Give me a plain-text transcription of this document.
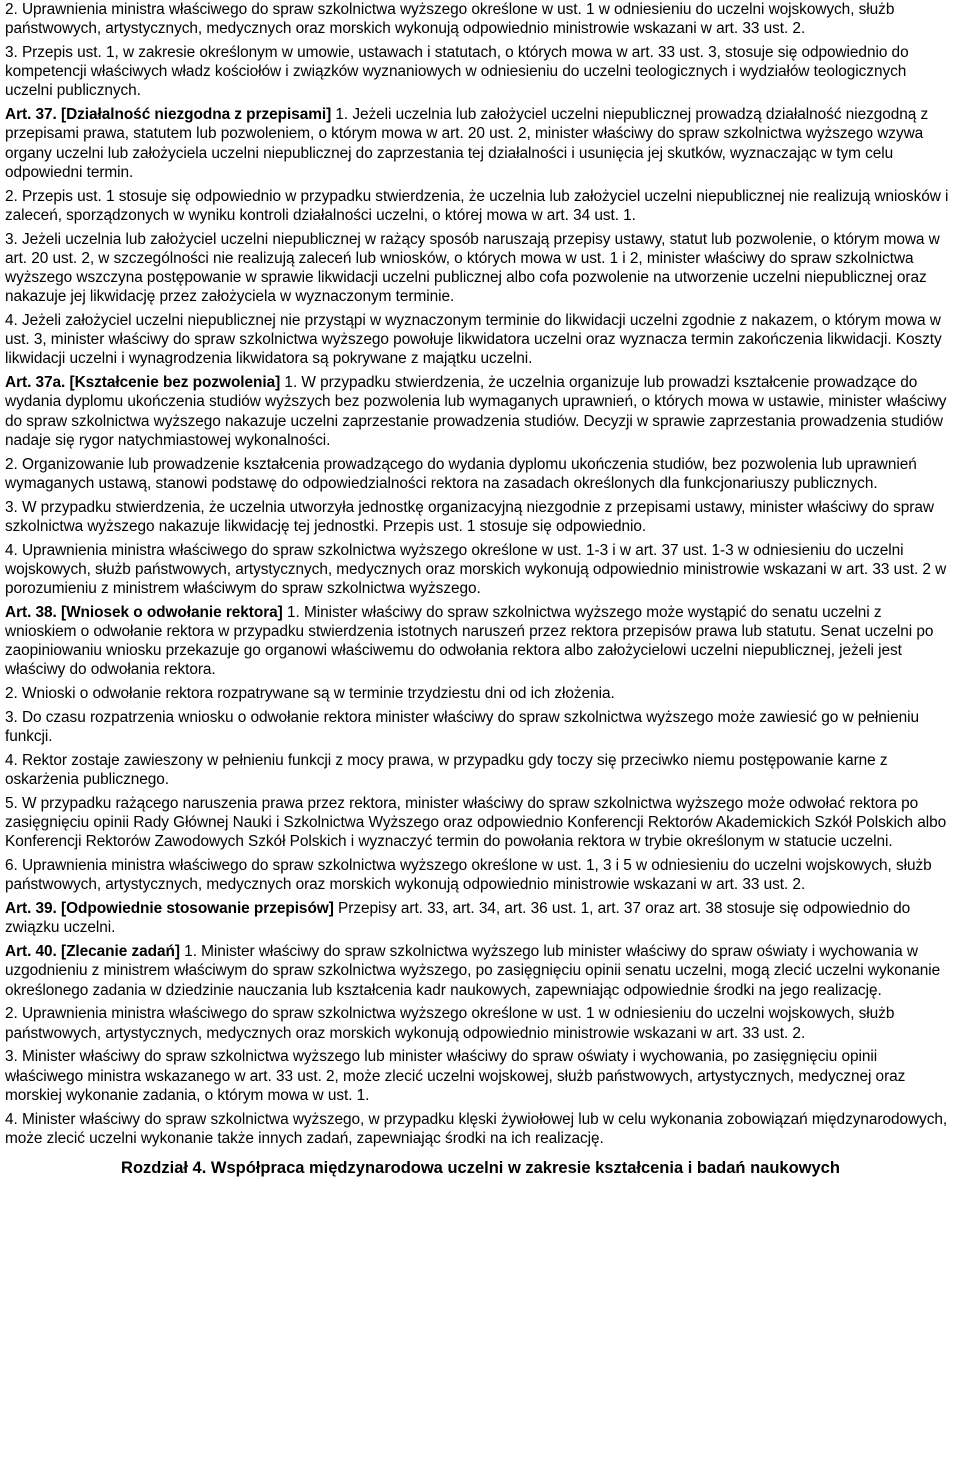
2. Uprawnienia ministra właściwego do spraw szkolnictwa wyższego określone w ust. 1 w odniesieniu do uczelni wojskowych, służb państwowych, artystycznych, medycznych oraz morskich wykonują odpowiednio ministrowie wskazani w art. 33 ust. 2.

3. Przepis ust. 1, w zakresie określonym w umowie, ustawach i statutach, o których mowa w art. 33 ust. 3, stosuje się odpowiednio do kompetencji właściwych władz kościołów i związków wyznaniowych w odniesieniu do uczelni teologicznych i wydziałów teologicznych uczelni publicznych.

Art. 37. [Działalność niezgodna z przepisami] 1. Jeżeli uczelnia lub założyciel uczelni niepublicznej prowadzą działalność niezgodną z przepisami prawa, statutem lub pozwoleniem, o którym mowa w art. 20 ust. 2, minister właściwy do spraw szkolnictwa wyższego wzywa organy uczelni lub założyciela uczelni niepublicznej do zaprzestania tej działalności i usunięcia jej skutków, wyznaczając w tym celu odpowiedni termin.

2. Przepis ust. 1 stosuje się odpowiednio w przypadku stwierdzenia, że uczelnia lub założyciel uczelni niepublicznej nie realizują wniosków i zaleceń, sporządzonych w wyniku kontroli działalności uczelni, o której mowa w art. 34 ust. 1.

3. Jeżeli uczelnia lub założyciel uczelni niepublicznej w rażący sposób naruszają przepisy ustawy, statut lub pozwolenie, o którym mowa w art. 20 ust. 2, w szczególności nie realizują zaleceń lub wniosków, o których mowa w ust. 1 i 2, minister właściwy do spraw szkolnictwa wyższego wszczyna postępowanie w sprawie likwidacji uczelni publicznej albo cofa pozwolenie na utworzenie uczelni niepublicznej oraz nakazuje jej likwidację przez założyciela w wyznaczonym terminie.

4. Jeżeli założyciel uczelni niepublicznej nie przystąpi w wyznaczonym terminie do likwidacji uczelni zgodnie z nakazem, o którym mowa w ust. 3, minister właściwy do spraw szkolnictwa wyższego powołuje likwidatora uczelni oraz wyznacza termin zakończenia likwidacji. Koszty likwidacji uczelni i wynagrodzenia likwidatora są pokrywane z majątku uczelni.

Art. 37a. [Kształcenie bez pozwolenia] 1. W przypadku stwierdzenia, że uczelnia organizuje lub prowadzi kształcenie prowadzące do wydania dyplomu ukończenia studiów wyższych bez pozwolenia lub wymaganych uprawnień, o których mowa w ustawie, minister właściwy do spraw szkolnictwa wyższego nakazuje uczelni zaprzestanie prowadzenia studiów. Decyzji w sprawie zaprzestania prowadzenia studiów nadaje się rygor natychmiastowej wykonalności.

2. Organizowanie lub prowadzenie kształcenia prowadzącego do wydania dyplomu ukończenia studiów, bez pozwolenia lub uprawnień wymaganych ustawą, stanowi podstawę do odpowiedzialności rektora na zasadach określonych dla funkcjonariuszy publicznych.

3. W przypadku stwierdzenia, że uczelnia utworzyła jednostkę organizacyjną niezgodnie z przepisami ustawy, minister właściwy do spraw szkolnictwa wyższego nakazuje likwidację tej jednostki. Przepis ust. 1 stosuje się odpowiednio.

4. Uprawnienia ministra właściwego do spraw szkolnictwa wyższego określone w ust. 1-3 i w art. 37 ust. 1-3 w odniesieniu do uczelni wojskowych, służb państwowych, artystycznych, medycznych oraz morskich wykonują odpowiednio ministrowie wskazani w art. 33 ust. 2 w porozumieniu z ministrem właściwym do spraw szkolnictwa wyższego.

Art. 38. [Wniosek o odwołanie rektora] 1. Minister właściwy do spraw szkolnictwa wyższego może wystąpić do senatu uczelni z wnioskiem o odwołanie rektora w przypadku stwierdzenia istotnych naruszeń przez rektora przepisów prawa lub statutu. Senat uczelni po zaopiniowaniu wniosku przekazuje go organowi właściwemu do odwołania rektora albo założycielowi uczelni niepublicznej, jeżeli jest właściwy do odwołania rektora.

2. Wnioski o odwołanie rektora rozpatrywane są w terminie trzydziestu dni od ich złożenia.

3. Do czasu rozpatrzenia wniosku o odwołanie rektora minister właściwy do spraw szkolnictwa wyższego może zawiesić go w pełnieniu funkcji.

4. Rektor zostaje zawieszony w pełnieniu funkcji z mocy prawa, w przypadku gdy toczy się przeciwko niemu postępowanie karne z oskarżenia publicznego.

5. W przypadku rażącego naruszenia prawa przez rektora, minister właściwy do spraw szkolnictwa wyższego może odwołać rektora po zasięgnięciu opinii Rady Głównej Nauki i Szkolnictwa Wyższego oraz odpowiednio Konferencji Rektorów Akademickich Szkół Polskich albo Konferencji Rektorów Zawodowych Szkół Polskich i wyznaczyć termin do powołania rektora w trybie określonym w statucie uczelni.

6. Uprawnienia ministra właściwego do spraw szkolnictwa wyższego określone w ust. 1, 3 i 5 w odniesieniu do uczelni wojskowych, służb państwowych, artystycznych, medycznych oraz morskich wykonują odpowiednio ministrowie wskazani w art. 33 ust. 2.

Art. 39. [Odpowiednie stosowanie przepisów] Przepisy art. 33, art. 34, art. 36 ust. 1, art. 37 oraz art. 38 stosuje się odpowiednio do związku uczelni.

Art. 40. [Zlecanie zadań] 1. Minister właściwy do spraw szkolnictwa wyższego lub minister właściwy do spraw oświaty i wychowania w uzgodnieniu z ministrem właściwym do spraw szkolnictwa wyższego, po zasięgnięciu opinii senatu uczelni, mogą zlecić uczelni wykonanie określonego zadania w dziedzinie nauczania lub kształcenia kadr naukowych, zapewniając odpowiednie środki na jego realizację.

2. Uprawnienia ministra właściwego do spraw szkolnictwa wyższego określone w ust. 1 w odniesieniu do uczelni wojskowych, służb państwowych, artystycznych, medycznych oraz morskich wykonują odpowiednio ministrowie wskazani w art. 33 ust. 2.

3. Minister właściwy do spraw szkolnictwa wyższego lub minister właściwy do spraw oświaty i wychowania, po zasięgnięciu opinii właściwego ministra wskazanego w art. 33 ust. 2, może zlecić uczelni wojskowej, służb państwowych, artystycznych, medycznej oraz morskiej wykonanie zadania, o którym mowa w ust. 1.

4. Minister właściwy do spraw szkolnictwa wyższego, w przypadku klęski żywiołowej lub w celu wykonania zobowiązań międzynarodowych, może zlecić uczelni wykonanie także innych zadań, zapewniając środki na ich realizację.

Rozdział 4. Współpraca międzynarodowa uczelni w zakresie kształcenia i badań naukowych
